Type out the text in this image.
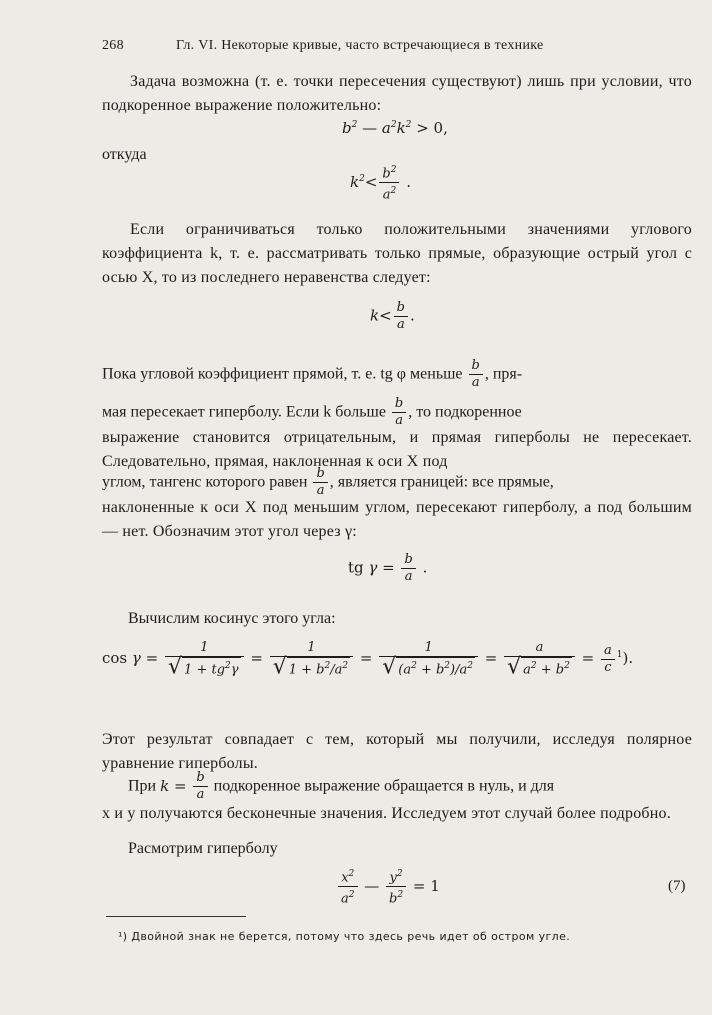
268	Гл. VI. Некоторые кривые, часто встречающиеся в технике
Задача возможна (т. е. точки пересечения существуют) лишь при условии, что подкоренное выражение положительно:
$b^2$ — $a^2k^2 > 0$,
откуда
$k^2< \frac{b^2}{a^2}$ .
Если ограничиваться только положительными значениями углового коэффициента k, т. е. рассматривать только прямые, образующие острый угол с осью X, то из последнего неравенства следует:
$k< \frac{b}{a}$ .
Пока угловой коэффициент прямой, т. е. tg φ меньше $\frac{b}{a}$ , пря-
мая пересекает гиперболу. Если k больше $\frac{b}{a}$ , то подкоренное
выражение становится отрицательным, и прямая гиперболы не пересекает. Следовательно, прямая, наклоненная к оси X под
углом, тангенс которого равен $\frac{b}{a}$ , является границей: все прямые,
наклоненные к оси X под меньшим углом, пересекают гиперболу, а под большим — нет. Обозначим этот угол через γ:
tg $\gamma = \frac{b}{a}$ .
Вычислим косинус этого угла:
$\cos \gamma = \frac{1}{√ 1 + tg^2\gamma} = \frac{1}{√ 1 + b^2/a^2} = \frac{1}{√ (a^2 + b^2)/a^2} = \frac{a}{√ a^2 + b^2} = \frac{a}{c} ^1$).
Этот результат совпадает с тем, который мы получили, исследуя полярное уравнение гиперболы.
При $k = \frac{b}{a}$ подкоренное выражение обращается в нуль, и для
x и y получаются бесконечные значения. Исследуем этот случай более подробно.
Расмотрим гиперболу
$\frac{x^2}{a^2}$ — $\frac{y^2}{b^2} = 1$	(7)
¹) Двойной знак не берется, потому что здесь речь идет об остром угле.
